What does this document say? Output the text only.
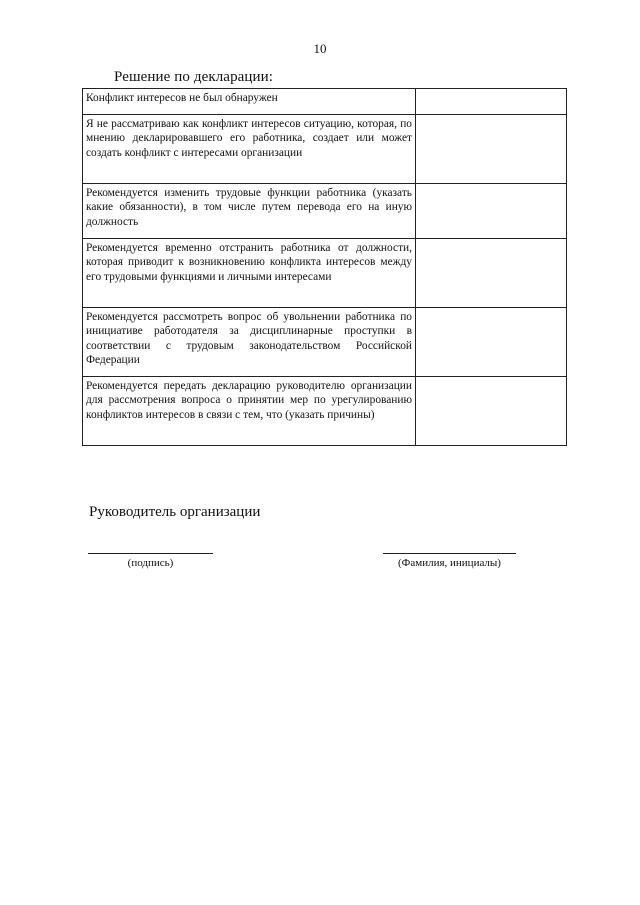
10
Решение по декларации:
Конфликт интересов не был обнаружен	
Я не рассматриваю как конфликт интересов ситуацию, которая, по мнению декларировавшего его работника, создает или может создать конфликт с интересами организации	
Рекомендуется изменить трудовые функции работника (указать какие обязанности), в том числе путем перевода его на иную должность	
Рекомендуется временно отстранить работника от должности, которая приводит к возникновению конфликта интересов между его трудовыми функциями и личными интересами	
Рекомендуется рассмотреть вопрос об увольнении работника по инициативе работодателя за дисциплинарные проступки в соответствии с трудовым законодательством Российской Федерации	
Рекомендуется передать декларацию руководителю организации для рассмотрения вопроса о принятии мер по урегулированию конфликтов интересов в связи с тем, что (указать причины)	
Руководитель организации
(подпись)	(Фамилия, инициалы)
